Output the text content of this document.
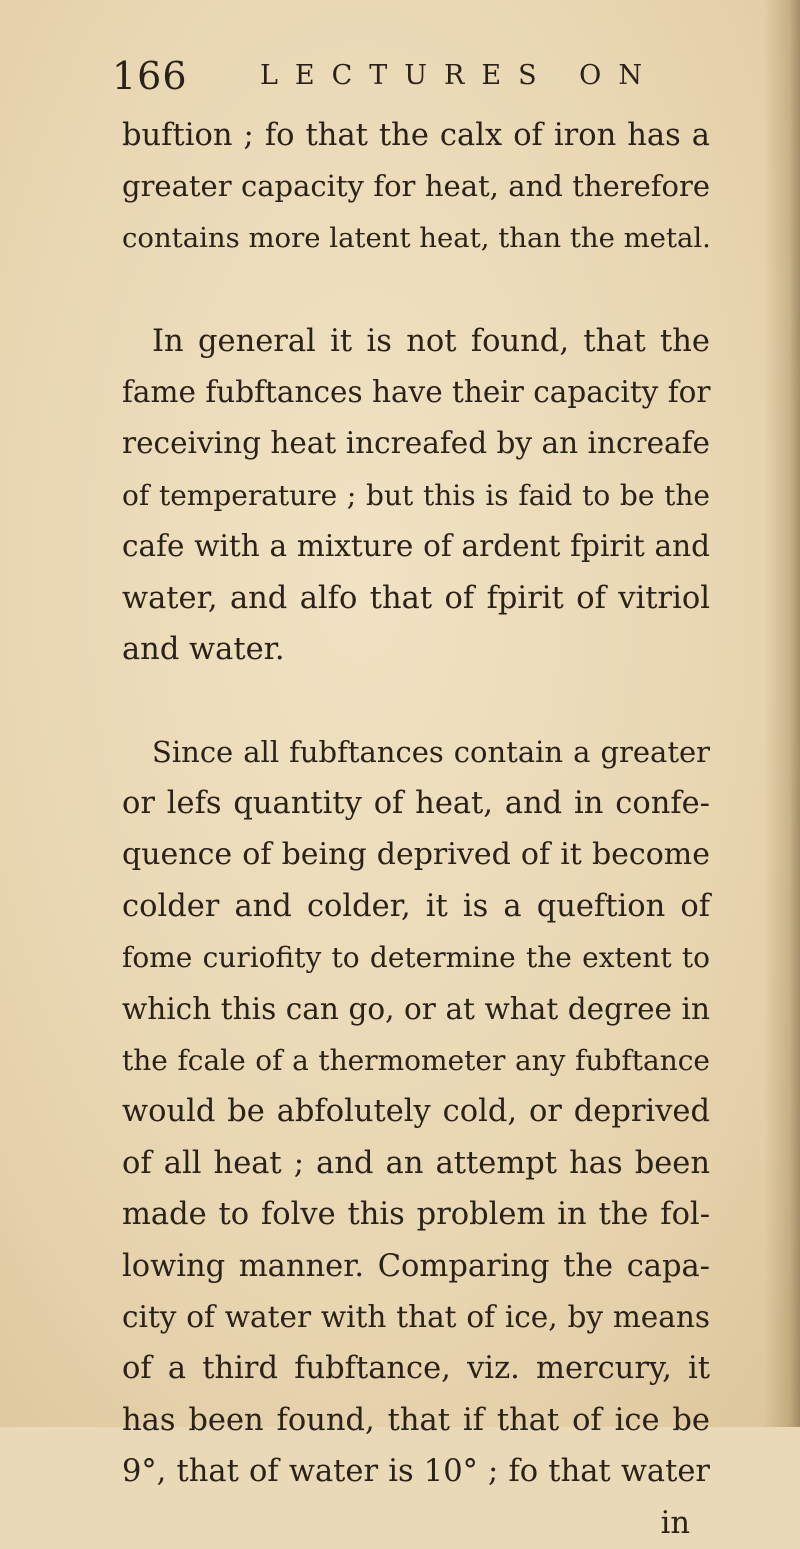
166	LECTURES ON
buftion ; fo that the calx of iron has a
greater capacity for heat, and therefore
contains more latent heat, than the metal.
In general it is not found, that the
fame fubftances have their capacity for
receiving heat increafed by an increafe
of temperature ; but this is faid to be the
cafe with a mixture of ardent fpirit and
water, and alfo that of fpirit of vitriol
and water.
Since all fubftances contain a greater
or lefs quantity of heat, and in confe-
quence of being deprived of it become
colder and colder, it is a queftion of
fome curiofity to determine the extent to
which this can go, or at what degree in
the fcale of a thermometer any fubftance
would be abfolutely cold, or deprived
of all heat ; and an attempt has been
made to folve this problem in the fol-
lowing manner. Comparing the capa-
city of water with that of ice, by means
of a third fubftance, viz. mercury, it
has been found, that if that of ice be
9°, that of water is 10° ; fo that water
in
